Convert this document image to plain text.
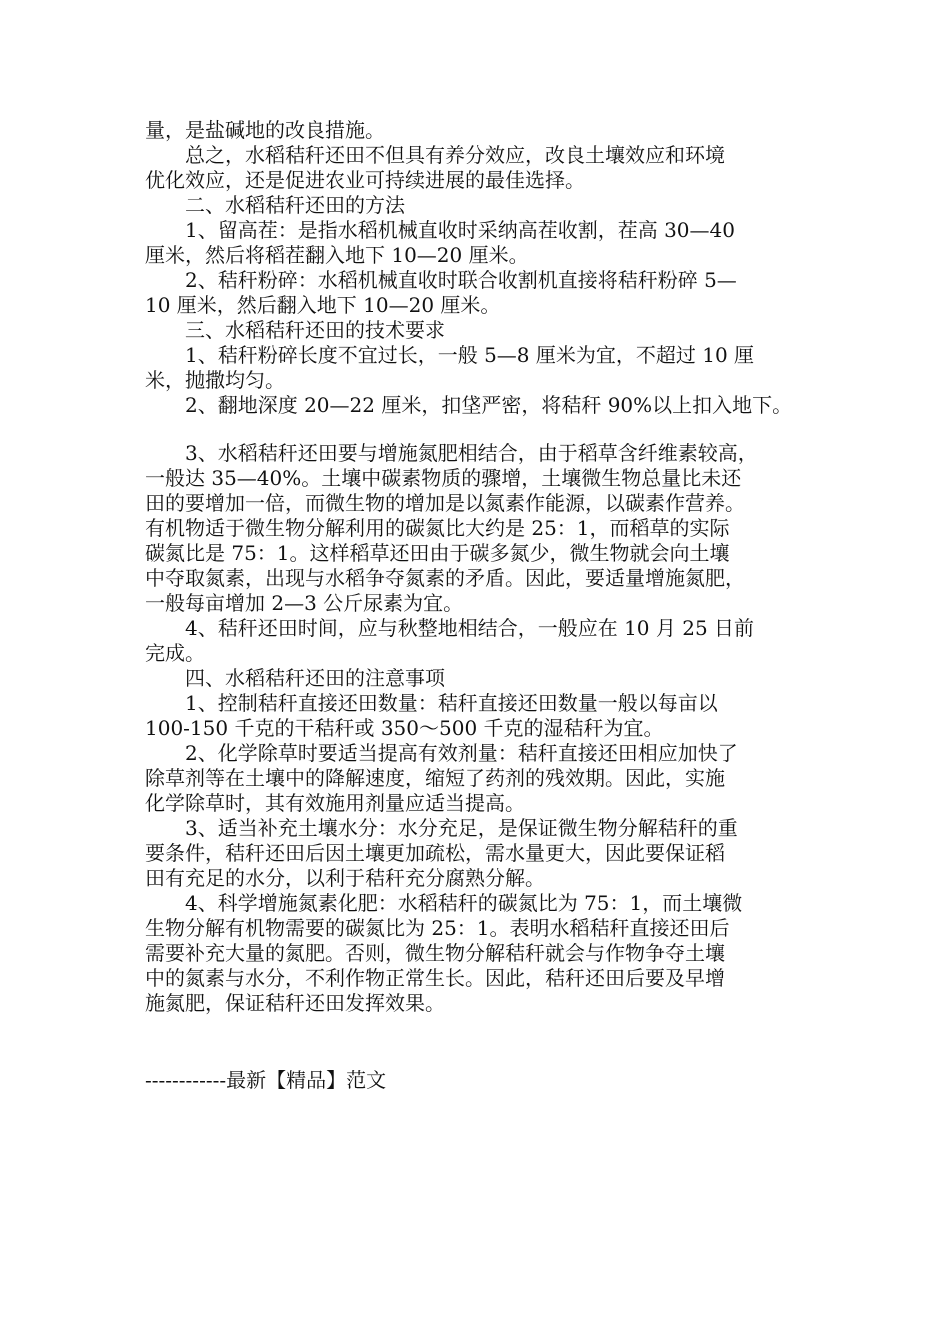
量，是盐碱地的改良措施。
　　总之，水稻秸秆还田不但具有养分效应，改良土壤效应和环境
优化效应，还是促进农业可持续进展的最佳选择。
　　二、水稻秸秆还田的方法
　　1、留高茬：是指水稻机械直收时采纳高茬收割，茬高 30—40
厘米，然后将稻茬翻入地下 10—20 厘米。
　　2、秸秆粉碎：水稻机械直收时联合收割机直接将秸秆粉碎 5—
10 厘米，然后翻入地下 10—20 厘米。
　　三、水稻秸秆还田的技术要求
　　1、秸秆粉碎长度不宜过长，一般 5—8 厘米为宜，不超过 10 厘
米，抛撒均匀。
　　2、翻地深度 20—22 厘米，扣垡严密，将秸秆 90%以上扣入地下。
　　3、水稻秸秆还田要与增施氮肥相结合，由于稻草含纤维素较高，
一般达 35—40%。土壤中碳素物质的骤增，土壤微生物总量比未还
田的要增加一倍，而微生物的增加是以氮素作能源，以碳素作营养。
有机物适于微生物分解利用的碳氮比大约是 25：1，而稻草的实际
碳氮比是 75：1。这样稻草还田由于碳多氮少，微生物就会向土壤
中夺取氮素，出现与水稻争夺氮素的矛盾。因此，要适量增施氮肥，
一般每亩增加 2—3 公斤尿素为宜。
　　4、秸秆还田时间，应与秋整地相结合，一般应在 10 月 25 日前
完成。
　　四、水稻秸秆还田的注意事项
　　1、控制秸秆直接还田数量：秸秆直接还田数量一般以每亩以
100-150 千克的干秸秆或 350～500 千克的湿秸秆为宜。
　　2、化学除草时要适当提高有效剂量：秸秆直接还田相应加快了
除草剂等在土壤中的降解速度，缩短了药剂的残效期。因此，实施
化学除草时，其有效施用剂量应适当提高。
　　3、适当补充土壤水分：水分充足，是保证微生物分解秸秆的重
要条件，秸秆还田后因土壤更加疏松，需水量更大，因此要保证稻
田有充足的水分，以利于秸秆充分腐熟分解。
　　4、科学增施氮素化肥：水稻秸秆的碳氮比为 75：1，而土壤微
生物分解有机物需要的碳氮比为 25：1。表明水稻秸秆直接还田后
需要补充大量的氮肥。否则，微生物分解秸秆就会与作物争夺土壤
中的氮素与水分，不利作物正常生长。因此，秸秆还田后要及早增
施氮肥，保证秸秆还田发挥效果。
------------最新【精品】范文
